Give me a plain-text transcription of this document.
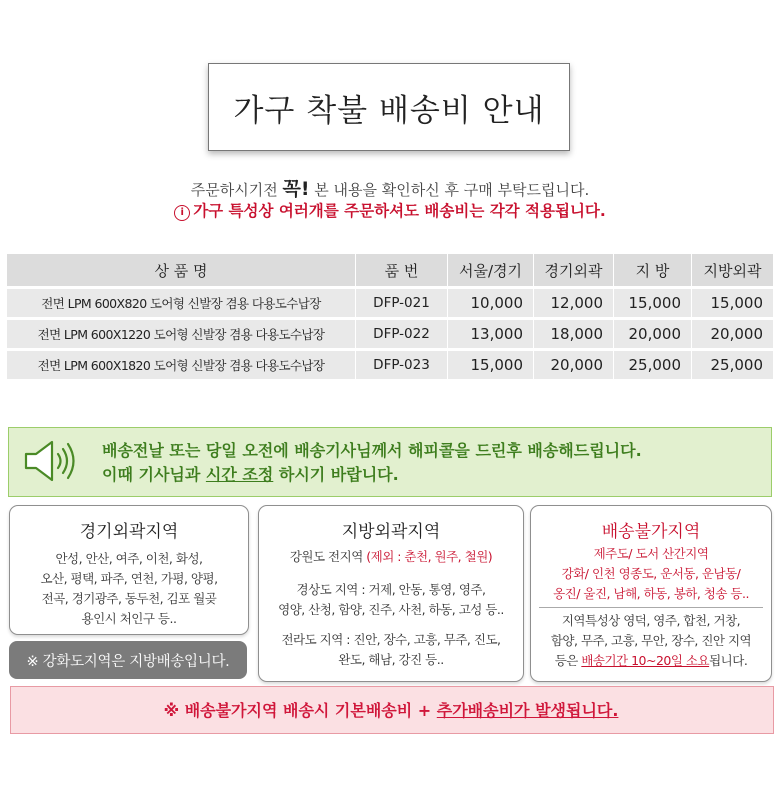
가구 착불 배송비 안내
주문하시기전 꼭! 본 내용을 확인하신 후 구매 부탁드립니다.
i 가구 특성상 여러개를 주문하셔도 배송비는 각각 적용됩니다.
상 품 명	품 번	서울/경기	경기외곽	지 방	지방외곽
전면 LPM 600X820 도어형 신발장 겸용 다용도수납장	DFP-021	10,000	12,000	15,000	15,000
전면 LPM 600X1220 도어형 신발장 겸용 다용도수납장	DFP-022	13,000	18,000	20,000	20,000
전면 LPM 600X1820 도어형 신발장 겸용 다용도수납장	DFP-023	15,000	20,000	25,000	25,000
배송전날 또는 당일 오전에 배송기사님께서 해피콜을 드린후 배송해드립니다.
이때 기사님과 시간 조정 하시기 바랍니다.
경기외곽지역
안성, 안산, 여주, 이천, 화성,
오산, 평택, 파주, 연천, 가평, 양평,
전곡, 경기광주, 동두천, 김포 월곶
용인시 처인구 등..
※ 강화도지역은 지방배송입니다.
지방외곽지역
강원도 전지역 (제외 : 춘천, 원주, 철원)
경상도 지역 : 거제, 안동, 통영, 영주,
영양, 산청, 함양, 진주, 사천, 하동, 고성 등..
전라도 지역 : 진안, 장수, 고흥, 무주, 진도,
완도, 해남, 강진 등..
배송불가지역
제주도/ 도서 산간지역
강화/ 인천 영종도, 운서동, 운남동/
옹진/ 울진, 남해, 하동, 봉하, 청송 등..
지역특성상 영덕, 영주, 합천, 거창,
함양, 무주, 고흥, 무안, 장수, 진안 지역
등은 배송기간 10~20일 소요됩니다.
※ 배송불가지역 배송시 기본배송비 + 추가배송비가 발생됩니다.
